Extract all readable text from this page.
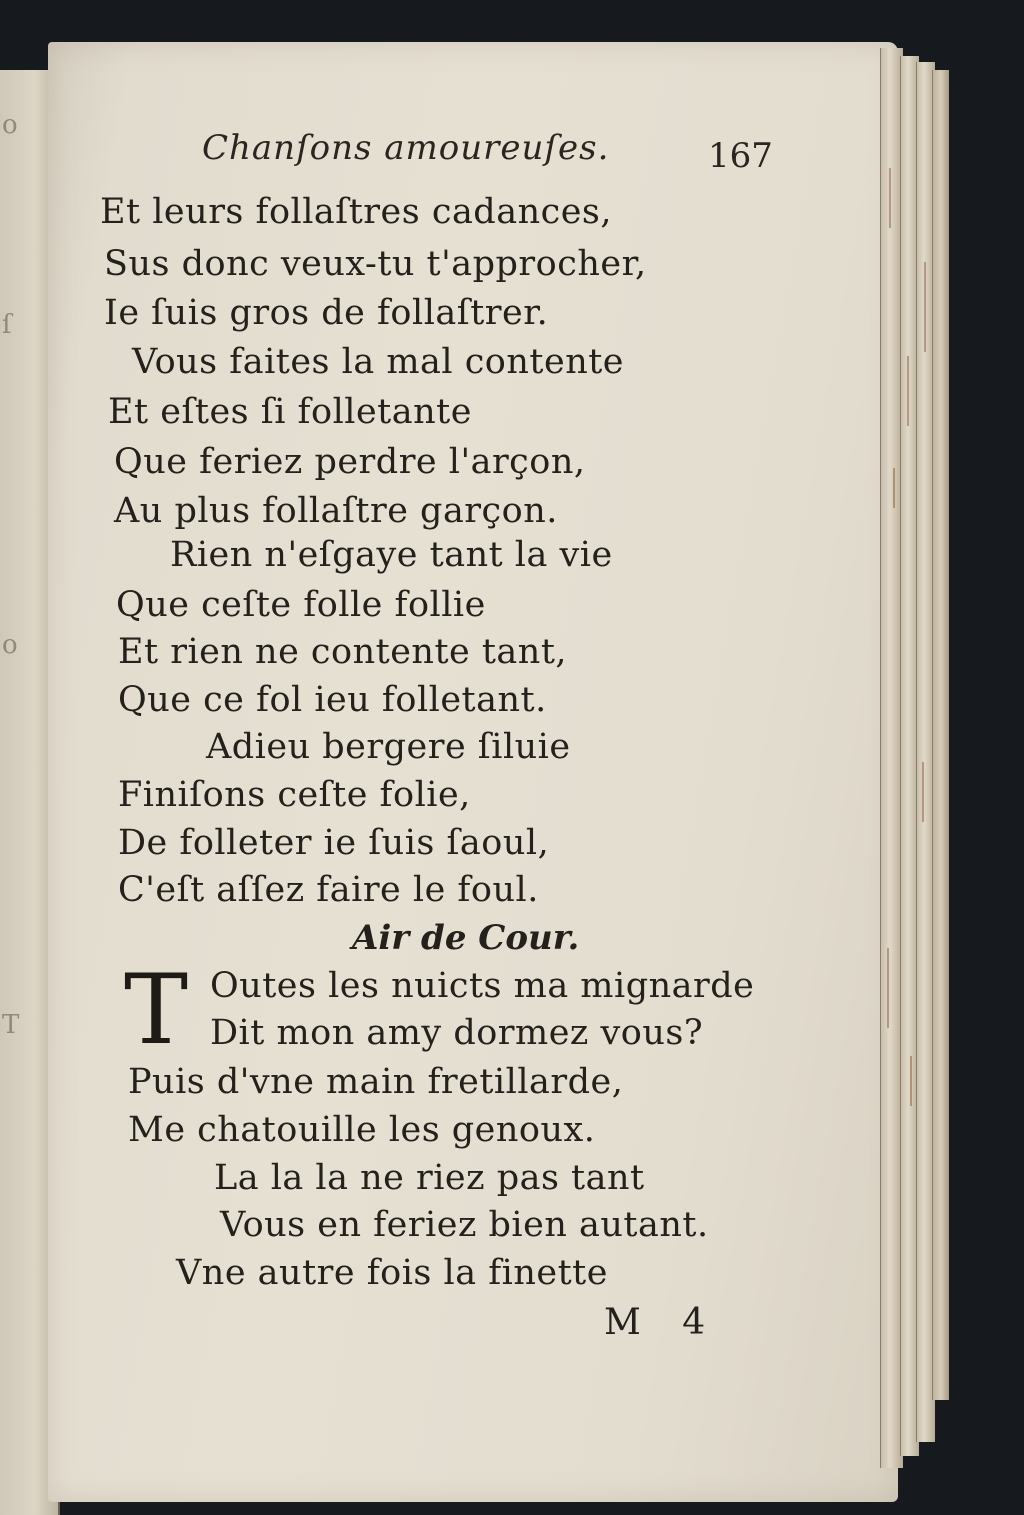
o
ſ
o
T
Chanſons amoureuſes.	167
Et leurs follaſtres cadances,
Sus donc veux-tu t'approcher,
Ie ſuis gros de follaſtrer.
Vous faites la mal contente
Et eſtes ſi folletante
Que feriez perdre l'arçon,
Au plus follaſtre garçon.
Rien n'eſgaye tant la vie
Que ceſte folle follie
Et rien ne contente tant,
Que ce fol ieu folletant.
Adieu bergere ſiluie
Finiſons ceſte folie,
De folleter ie ſuis ſaoul,
C'eſt aſſez faire le foul.
Air de Cour.
T Outes les nuicts ma mignarde
Dit mon amy dormez vous?
Puis d'vne main fretillarde,
Me chatouille les genoux.
La la la ne riez pas tant
Vous en feriez bien autant.
Vne autre fois la finette
M 4
